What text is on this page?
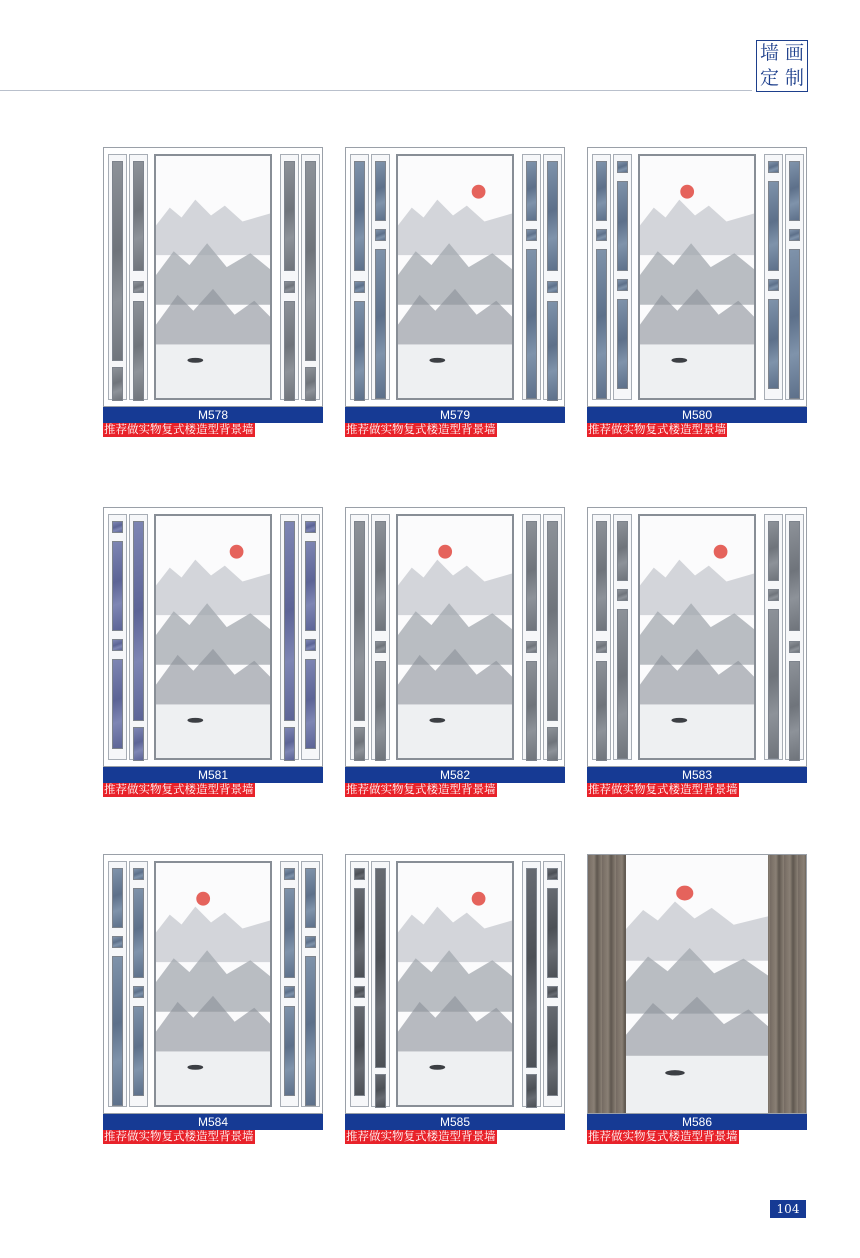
墙 画
定 制
M578
推荐做实物复式楼造型背景墙
M579
推荐做实物复式楼造型背景墙
M580
推荐做实物复式楼造型景墙
M581
推荐做实物复式楼造型背景墙
M582
推荐做实物复式楼造型背景墙
M583
推荐做实物复式楼造型背景墙
M584
推荐做实物复式楼造型背景墙
M585
推荐做实物复式楼造型背景墙
M586
推荐做实物复式楼造型背景墙
104
